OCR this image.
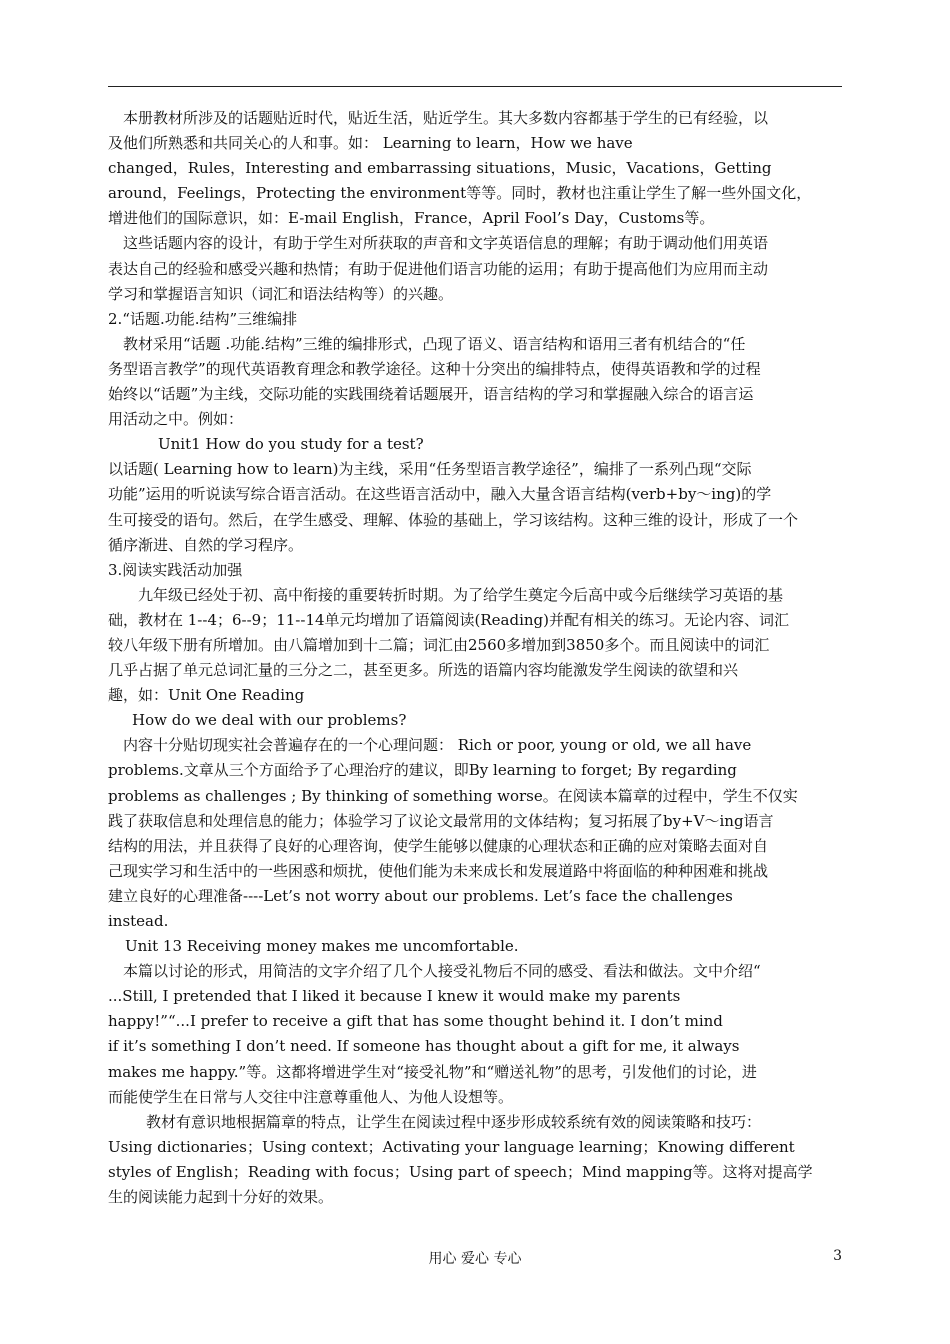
本册教材所涉及的话题贴近时代，贴近生活，贴近学生。其大多数内容都基于学生的已有经验，以
及他们所熟悉和共同关心的人和事。如： Learning to learn，How we have
changed，Rules，Interesting and embarrassing situations，Music，Vacations，Getting
around，Feelings，Protecting the environment等等。同时，教材也注重让学生了解一些外国文化，
增进他们的国际意识，如：E-mail English，France，April Fool’s Day，Customs等。
这些话题内容的设计，有助于学生对所获取的声音和文字英语信息的理解；有助于调动他们用英语
表达自己的经验和感受兴趣和热情；有助于促进他们语言功能的运用；有助于提高他们为应用而主动
学习和掌握语言知识（词汇和语法结构等）的兴趣。
2.“话题.功能.结构”三维编排
教材采用“话题 .功能.结构”三维的编排形式，凸现了语义、语言结构和语用三者有机结合的“任
务型语言教学”的现代英语教育理念和教学途径。这种十分突出的编排特点，使得英语教和学的过程
始终以“话题”为主线，交际功能的实践围绕着话题展开，语言结构的学习和掌握融入综合的语言运
用活动之中。例如：
Unit1 How do you study for a test?
以话题( Learning how to learn)为主线，采用“任务型语言教学途径”，编排了一系列凸现“交际
功能”运用的听说读写综合语言活动。在这些语言活动中，融入大量含语言结构(verb+by～ing)的学
生可接受的语句。然后，在学生感受、理解、体验的基础上，学习该结构。这种三维的设计，形成了一个
循序渐进、自然的学习程序。
3.阅读实践活动加强
九年级已经处于初、高中衔接的重要转折时期。为了给学生奠定今后高中或今后继续学习英语的基
础，教材在 1--4；6--9；11--14单元均增加了语篇阅读(Reading)并配有相关的练习。无论内容、词汇
较八年级下册有所增加。由八篇增加到十二篇；词汇由2560多增加到3850多个。而且阅读中的词汇
几乎占据了单元总词汇量的三分之二，甚至更多。所选的语篇内容均能激发学生阅读的欲望和兴
趣，如：Unit One Reading
How do we deal with our problems?
内容十分贴切现实社会普遍存在的一个心理问题： Rich or poor, young or old, we all have
problems.文章从三个方面给予了心理治疗的建议，即By learning to forget; By regarding
problems as challenges ; By thinking of something worse。在阅读本篇章的过程中，学生不仅实
践了获取信息和处理信息的能力；体验学习了议论文最常用的文体结构；复习拓展了by+V～ing语言
结构的用法，并且获得了良好的心理咨询，使学生能够以健康的心理状态和正确的应对策略去面对自
己现实学习和生活中的一些困惑和烦扰，使他们能为未来成长和发展道路中将面临的种种困难和挑战
建立良好的心理准备----Let’s not worry about our problems. Let’s face the challenges
instead.
Unit 13 Receiving money makes me uncomfortable.
本篇以讨论的形式，用简洁的文字介绍了几个人接受礼物后不同的感受、看法和做法。文中介绍“
...Still, I pretended that I liked it because I knew it would make my parents
happy!”“...I prefer to receive a gift that has some thought behind it. I don’t mind
if it’s something I don’t need. If someone has thought about a gift for me, it always
makes me happy.”等。这都将增进学生对“接受礼物”和“赠送礼物”的思考，引发他们的讨论，进
而能使学生在日常与人交往中注意尊重他人、为他人设想等。
教材有意识地根据篇章的特点，让学生在阅读过程中逐步形成较系统有效的阅读策略和技巧：
Using dictionaries；Using context；Activating your language learning；Knowing different
styles of English；Reading with focus；Using part of speech；Mind mapping等。这将对提高学
生的阅读能力起到十分好的效果。
用心 爱心 专心	3
